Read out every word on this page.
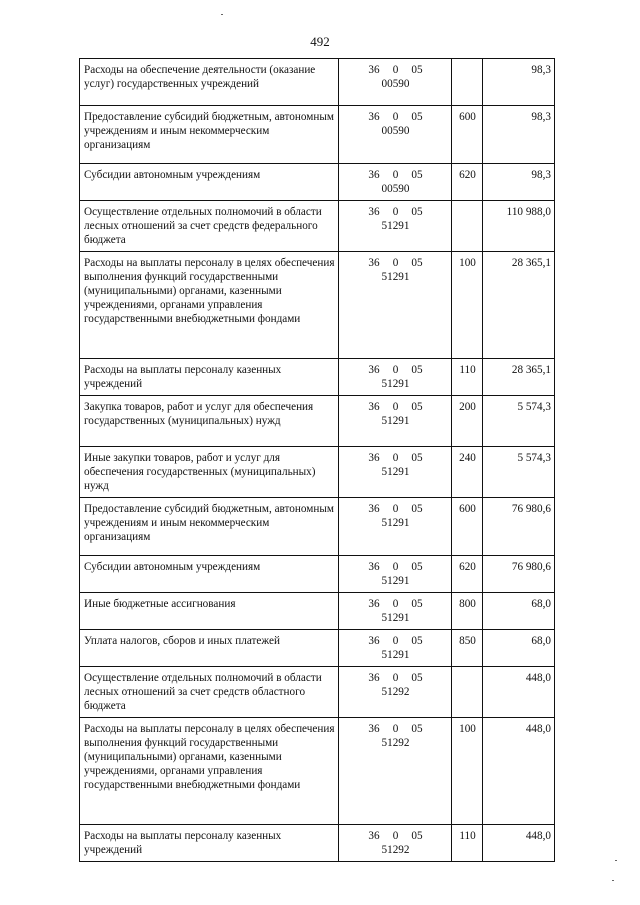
492
Расходы на обеспечение деятельности (оказание услуг) государственных учреждений	36 0 0500590		98,3
Предоставление субсидий бюджетным, автономным учреждениям и иным некоммерческим организациям	36 0 0500590	600	98,3
Субсидии автономным учреждениям	36 0 0500590	620	98,3
Осуществление отдельных полномочий в области лесных отношений за счет средств федерального бюджета	36 0 0551291		110 988,0
Расходы на выплаты персоналу в целях обеспечения выполнения функций государственными (муниципальными) органами, казенными учреждениями, органами управления государственными внебюджетными фондами	36 0 0551291	100	28 365,1
Расходы на выплаты персоналу казенных учреждений	36 0 0551291	110	28 365,1
Закупка товаров, работ и услуг для обеспечения государственных (муниципальных) нужд	36 0 0551291	200	5 574,3
Иные закупки товаров, работ и услуг для обеспечения государственных (муниципальных) нужд	36 0 0551291	240	5 574,3
Предоставление субсидий бюджетным, автономным учреждениям и иным некоммерческим организациям	36 0 0551291	600	76 980,6
Субсидии автономным учреждениям	36 0 0551291	620	76 980,6
Иные бюджетные ассигнования	36 0 0551291	800	68,0
Уплата налогов, сборов и иных платежей	36 0 0551291	850	68,0
Осуществление отдельных полномочий в области лесных отношений за счет средств областного бюджета	36 0 0551292		448,0
Расходы на выплаты персоналу в целях обеспечения выполнения функций государственными (муниципальными) органами, казенными учреждениями, органами управления государственными внебюджетными фондами	36 0 0551292	100	448,0
Расходы на выплаты персоналу казенных учреждений	36 0 0551292	110	448,0
